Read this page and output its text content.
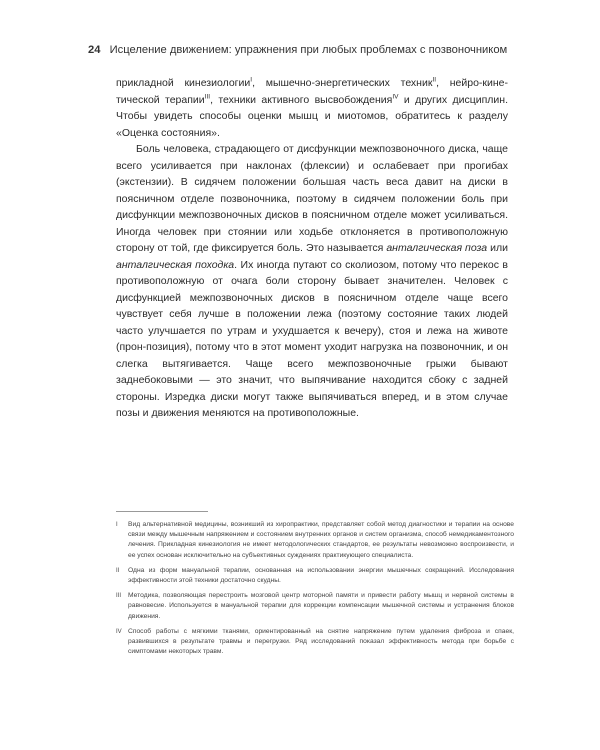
24 Исцеление движением: упражнения при любых проблемах с позвоночником

прикладной кинезиологии$^I$, мышечно-энергетических техник$^{II}$, нейро-кине-тической терапии$^{III}$, техники активного высвобождения$^{IV}$ и других дисциплин. Чтобы увидеть способы оценки мышц и миотомов, обратитесь к разделу «Оценка состояния».

Боль человека, страдающего от дисфункции межпозвоночного диска, чаще всего усиливается при наклонах (флексии) и ослабевает при прогибах (экстензии). В сидячем положении большая часть веса давит на диски в поясничном отделе позвоночника, поэтому в сидячем положении боль при дисфункции межпозвоночных дисков в поясничном отделе может усиливаться. Иногда человек при стоянии или ходьбе отклоняется в противоположную сторону от той, где фиксируется боль. Это называется анталгическая поза или анталгическая походка. Их иногда путают со сколиозом, потому что перекос в противоположную от очага боли сторону бывает значителен. Человек с дисфункцией межпозвоночных дисков в поясничном отделе чаще всего чувствует себя лучше в положении лежа (поэтому состояние таких людей часто улучшается по утрам и ухудшается к вечеру), стоя и лежа на животе (прон-позиция), потому что в этот момент уходит нагрузка на позвоночник, и он слегка вытягивается. Чаще всего межпозвоночные грыжи бывают заднебоковыми — это значит, что выпячивание находится сбоку с задней стороны. Изредка диски могут также выпячиваться вперед, и в этом случае позы и движения меняются на противоположные.

I	Вид альтернативной медицины, возникший из хиропрактики, представляет собой метод диагностики и терапии на основе связи между мышечным напряжением и состоянием внутренних органов и систем организма, способ немедикаментозного лечения. Прикладная кинезиология не имеет методологических стандартов, ее результаты невозможно воспроизвести, и ее успех основан исключительно на субъективных суждениях практикующего специалиста.
II	Одна из форм мануальной терапии, основанная на использовании энергии мышечных сокращений. Исследования эффективности этой техники достаточно скудны.
III	Методика, позволяющая перестроить мозговой центр моторной памяти и привести работу мышц и нервной системы в равновесие. Используется в мануальной терапии для коррекции компенсации мышечной системы и устранения блоков движения.
IV Способ работы с мягкими тканями, ориентированный на снятие напряжение путем удаления фиброза и спаек, развившихся в результате травмы и перегрузки. Ряд исследований показал эффективность метода при борьбе с симптомами некоторых травм.
